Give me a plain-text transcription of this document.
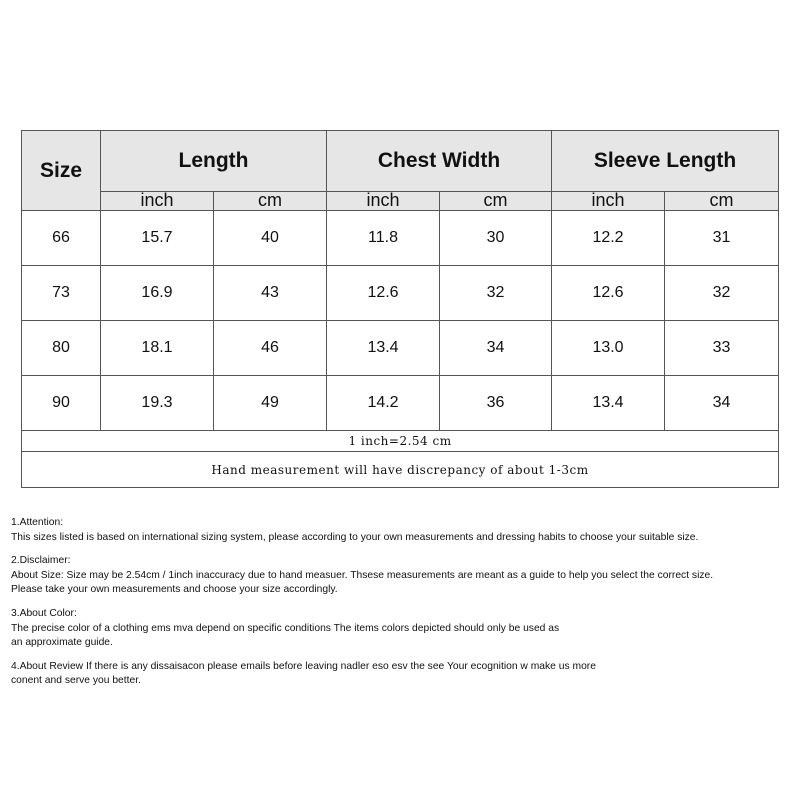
Size	Length		Chest Width		Sleeve Length	
	inch	cm	inch	cm	inch	cm
66	15.7	40	11.8	30	12.2	31
73	16.9	43	12.6	32	12.6	32
80	18.1	46	13.4	34	13.0	33
90	19.3	49	14.2	36	13.4	34
1 inch=2.54 cm						
Hand measurement will have discrepancy of about 1-3cm						
1.Attention:
This sizes listed is based on international sizing system, please according to your own measurements and dressing habits to choose your suitable size.
2.Disclaimer:
About Size: Size may be 2.54cm / 1inch inaccuracy due to hand measuer. Thsese measurements are meant as a guide to help you select the correct size.
Please take your own measurements and choose your size accordingly.
3.About Color:
The precise color of a clothing ems mva depend on specific conditions The items colors depicted should only be used as
an approximate guide.
4.About Review If there is any dissaisacon please emails before leaving nadler eso esv the see Your ecognition w make us more
conent and serve you better.
